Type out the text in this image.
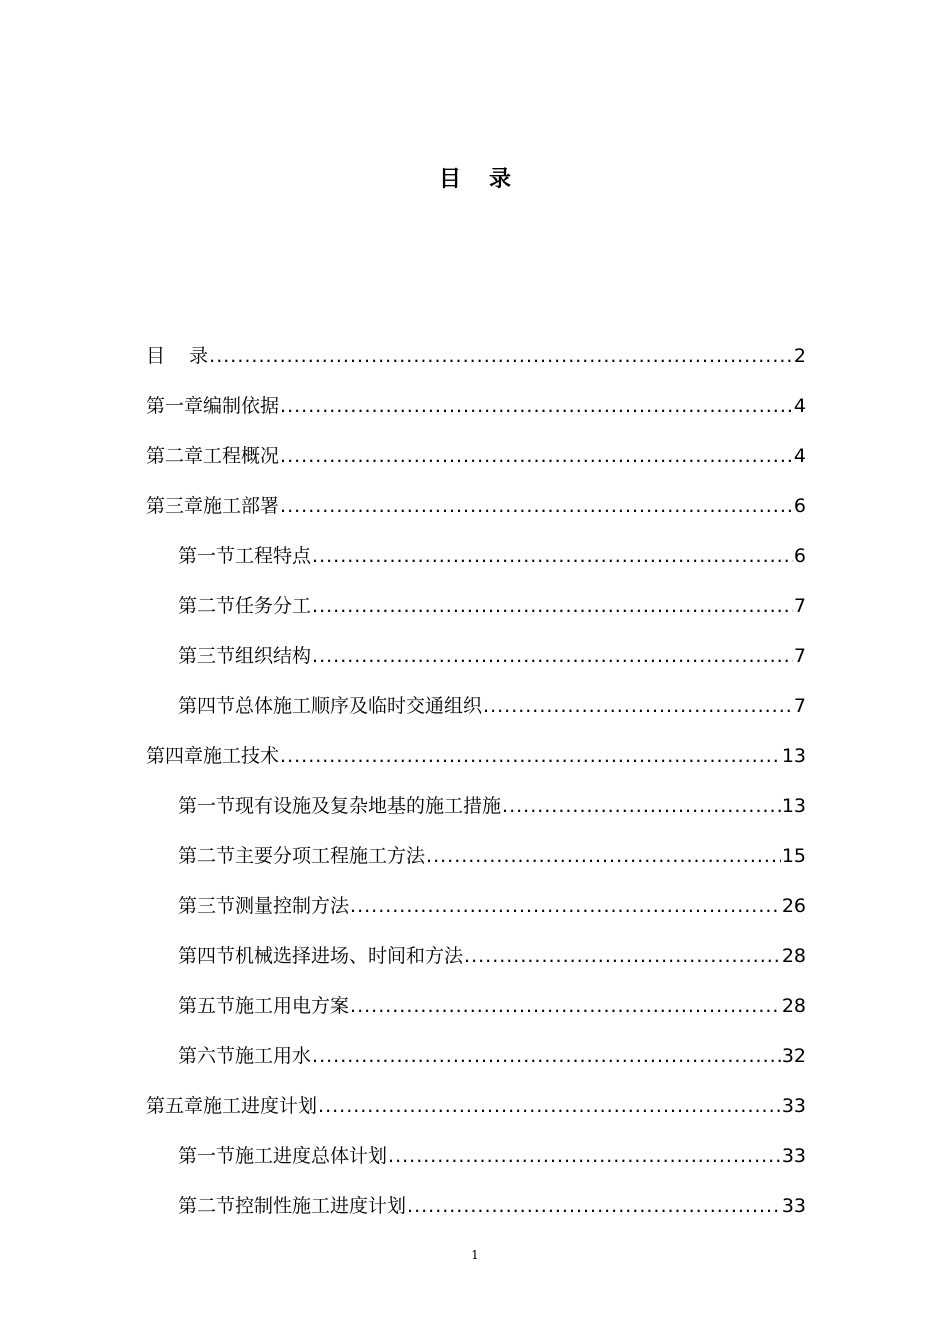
目 录
目    录 .....	2
第一章 编制依据 .....	4
第二章 工程概况 .....	4
第三章 施工部署 .....	6
第一节 工程特点 .....	6
第二节 任务分工 .....	7
第三节 组织结构 .....	7
第四节 总体施工顺序及临时交通组织 .....	7
第四章 施工技术 .....	13
第一节 现有设施及复杂地基的施工措施 .....	13
第二节 主要分项工程施工方法 .....	15
第三节 测量控制方法 .....	26
第四节 机械选择进场、时间和方法 .....	28
第五节 施工用电方案 .....	28
第六节 施工用水 .....	32
第五章 施工进度计划 .....	33
第一节 施工进度总体计划 .....	33
第二节 控制性施工进度计划 .....	33
1
